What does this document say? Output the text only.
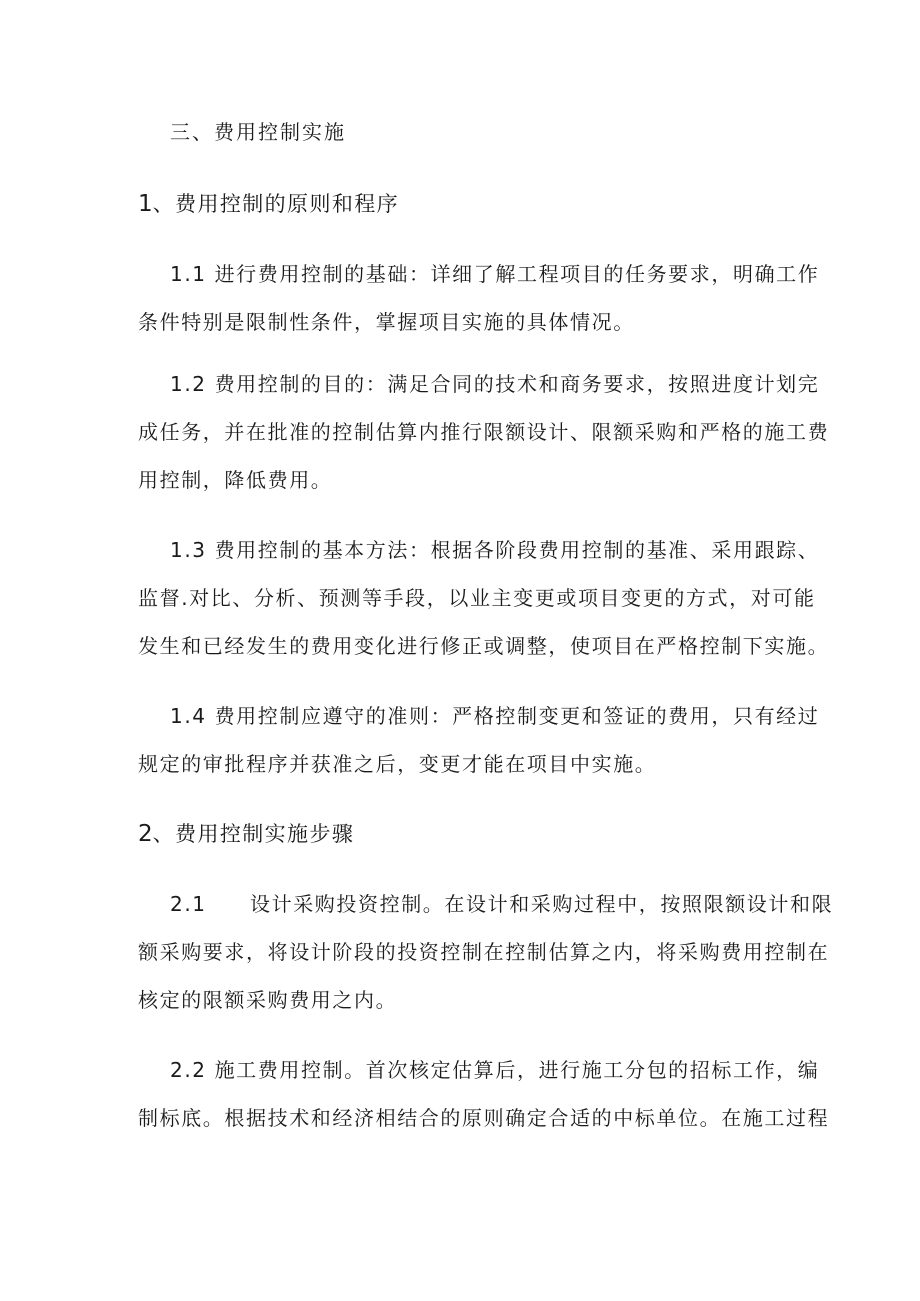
三、费用控制实施
1、费用控制的原则和程序
1.1 进行费用控制的基础：详细了解工程项目的任务要求，明确工作
条件特别是限制性条件，掌握项目实施的具体情况。
1.2 费用控制的目的：满足合同的技术和商务要求，按照进度计划完
成任务，并在批准的控制估算内推行限额设计、限额采购和严格的施工费
用控制，降低费用。
1.3 费用控制的基本方法：根据各阶段费用控制的基准、采用跟踪、
监督.对比、分析、预测等手段，以业主变更或项目变更的方式，对可能
发生和已经发生的费用变化进行修正或调整，使项目在严格控制下实施。
1.4 费用控制应遵守的准则：严格控制变更和签证的费用，只有经过
规定的审批程序并获准之后，变更才能在项目中实施。
2、费用控制实施步骤
2.1 设计采购投资控制。在设计和采购过程中，按照限额设计和限
额采购要求，将设计阶段的投资控制在控制估算之内，将采购费用控制在
核定的限额采购费用之内。
2.2 施工费用控制。首次核定估算后，进行施工分包的招标工作，编
制标底。根据技术和经济相结合的原则确定合适的中标单位。在施工过程
